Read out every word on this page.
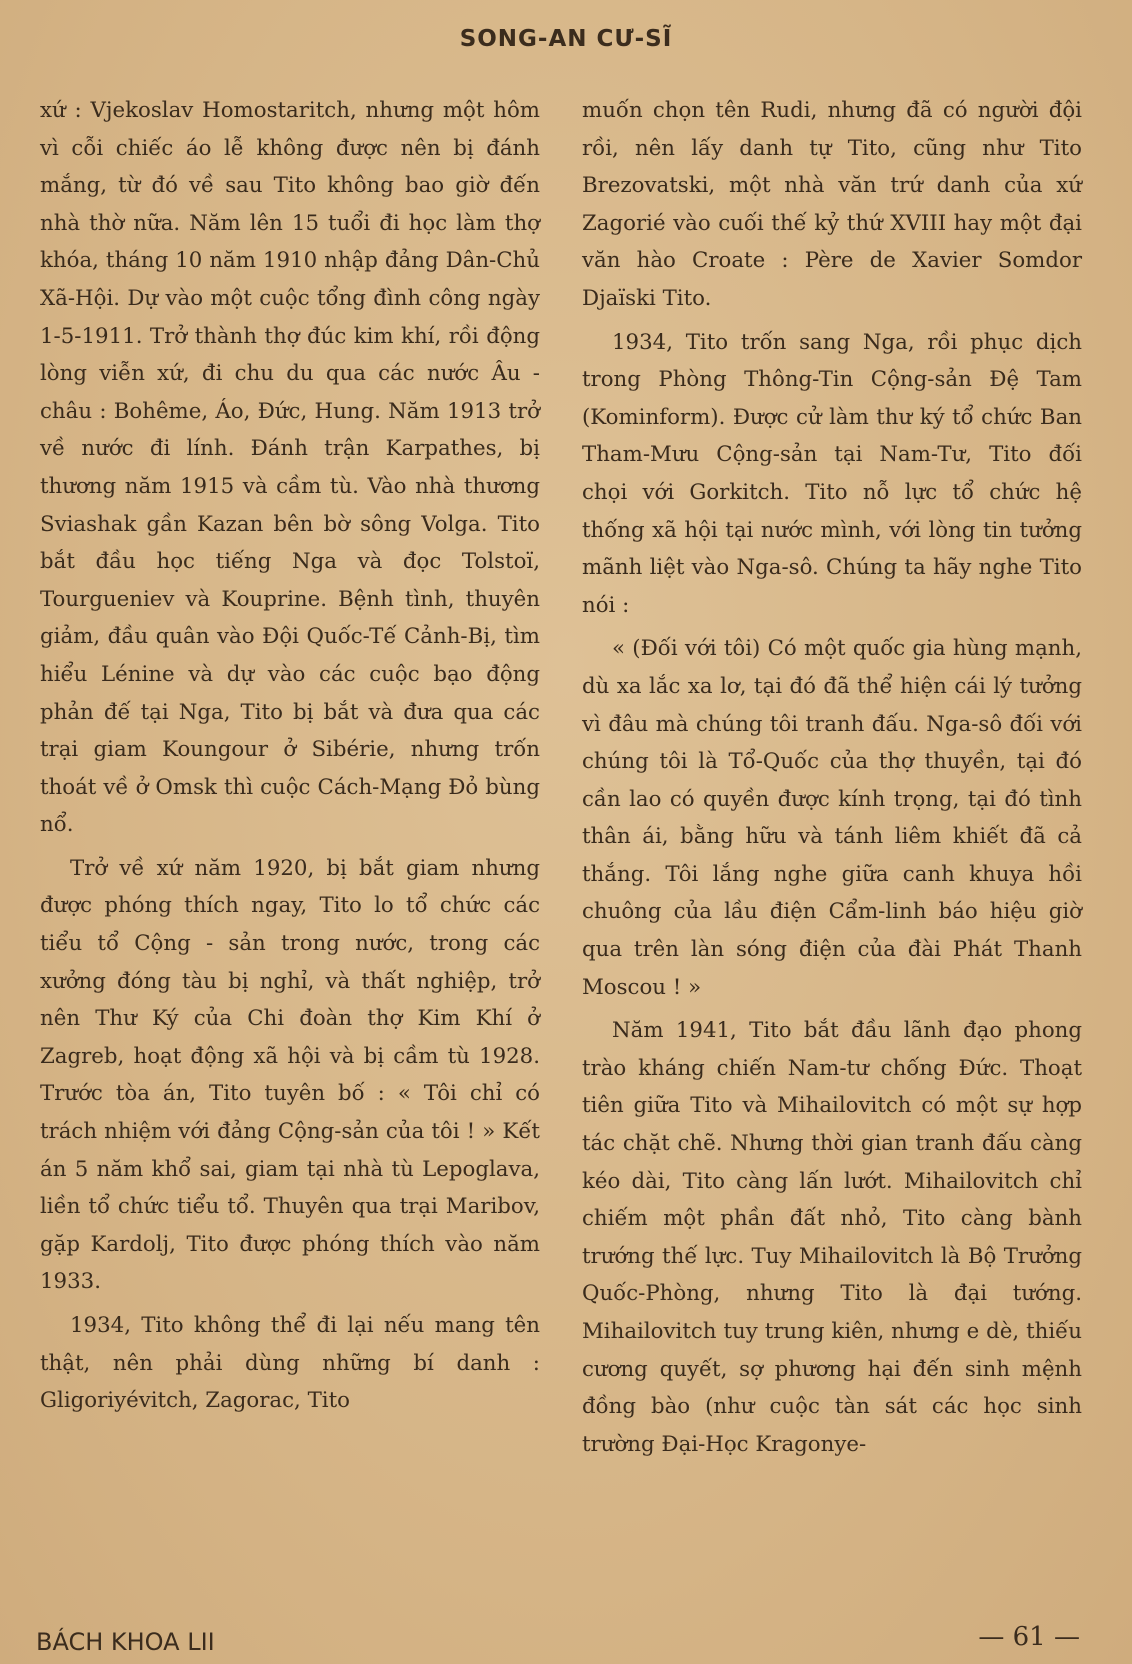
SONG-AN CƯ-SĨ

xứ : Vjekoslav Homostaritch, nhưng một hôm vì cỗi chiếc áo lễ không được nên bị đánh mắng, từ đó về sau Tito không bao giờ đến nhà thờ nữa. Năm lên 15 tuổi đi học làm thợ khóa, tháng 10 năm 1910 nhập đảng Dân-Chủ Xã-Hội. Dự vào một cuộc tổng đình công ngày 1-5-1911. Trở thành thợ đúc kim khí, rồi động lòng viễn xứ, đi chu du qua các nước Âu - châu : Bohême, Áo, Đức, Hung. Năm 1913 trở về nước đi lính. Đánh trận Karpathes, bị thương năm 1915 và cầm tù. Vào nhà thương Sviashak gần Kazan bên bờ sông Volga. Tito bắt đầu học tiếng Nga và đọc Tolstoï, Tourgueniev và Kouprine. Bệnh tình, thuyên giảm, đầu quân vào Đội Quốc-Tế Cảnh-Bị, tìm hiểu Lénine và dự vào các cuộc bạo động phản đế tại Nga, Tito bị bắt và đưa qua các trại giam Koungour ở Sibérie, nhưng trốn thoát về ở Omsk thì cuộc Cách-Mạng Đỏ bùng nổ.

Trở về xứ năm 1920, bị bắt giam nhưng được phóng thích ngay, Tito lo tổ chức các tiểu tổ Cộng - sản trong nước, trong các xưởng đóng tàu bị nghỉ, và thất nghiệp, trở nên Thư Ký của Chi đoàn thợ Kim Khí ở Zagreb, hoạt động xã hội và bị cầm tù 1928. Trước tòa án, Tito tuyên bố : « Tôi chỉ có trách nhiệm với đảng Cộng-sản của tôi ! » Kết án 5 năm khổ sai, giam tại nhà tù Lepoglava, liền tổ chức tiểu tổ. Thuyên qua trại Maribov, gặp Kardolj, Tito được phóng thích vào năm 1933.

1934, Tito không thể đi lại nếu mang tên thật, nên phải dùng những bí danh : Gligoriyévitch, Zagorac, Tito

muốn chọn tên Rudi, nhưng đã có người đội rồi, nên lấy danh tự Tito, cũng như Tito Brezovatski, một nhà văn trứ danh của xứ Zagorié vào cuối thế kỷ thứ XVIII hay một đại văn hào Croate : Père de Xavier Somdor Djaïski Tito.

1934, Tito trốn sang Nga, rồi phục dịch trong Phòng Thông-Tin Cộng-sản Đệ Tam (Kominform). Được cử làm thư ký tổ chức Ban Tham-Mưu Cộng-sản tại Nam-Tư, Tito đối chọi với Gorkitch. Tito nỗ lực tổ chức hệ thống xã hội tại nước mình, với lòng tin tưởng mãnh liệt vào Nga-sô. Chúng ta hãy nghe Tito nói :

« (Đối với tôi) Có một quốc gia hùng mạnh, dù xa lắc xa lơ, tại đó đã thể hiện cái lý tưởng vì đâu mà chúng tôi tranh đấu. Nga-sô đối với chúng tôi là Tổ-Quốc của thợ thuyền, tại đó cần lao có quyền được kính trọng, tại đó tình thân ái, bằng hữu và tánh liêm khiết đã cả thắng. Tôi lắng nghe giữa canh khuya hồi chuông của lầu điện Cẩm-linh báo hiệu giờ qua trên làn sóng điện của đài Phát Thanh Moscou ! »

Năm 1941, Tito bắt đầu lãnh đạo phong trào kháng chiến Nam-tư chống Đức. Thoạt tiên giữa Tito và Mihailovitch có một sự hợp tác chặt chẽ. Nhưng thời gian tranh đấu càng kéo dài, Tito càng lấn lướt. Mihailovitch chỉ chiếm một phần đất nhỏ, Tito càng bành trướng thế lực. Tuy Mihailovitch là Bộ Trưởng Quốc-Phòng, nhưng Tito là đại tướng. Mihailovitch tuy trung kiên, nhưng e dè, thiếu cương quyết, sợ phương hại đến sinh mệnh đồng bào (như cuộc tàn sát các học sinh trường Đại-Học Kragonye-

BÁCH KHOA LII	— 61 —
